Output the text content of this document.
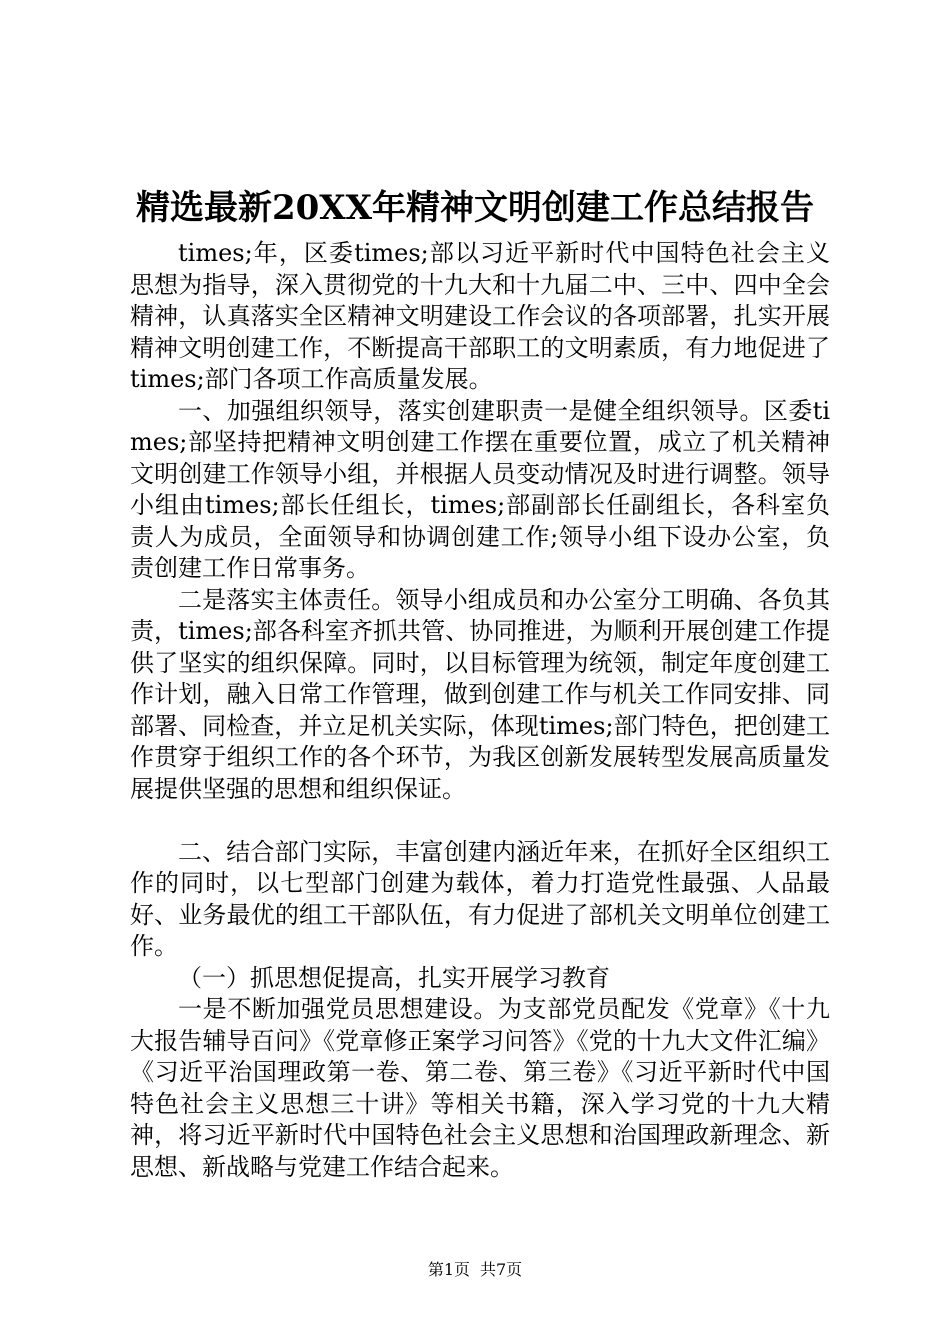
精选最新20XX年精神文明创建工作总结报告

times;年，区委times;部以习近平新时代中国特色社会主义思想为指导，深入贯彻党的十九大和十九届二中、三中、四中全会精神，认真落实全区精神文明建设工作会议的各项部署，扎实开展精神文明创建工作，不断提高干部职工的文明素质，有力地促进了times;部门各项工作高质量发展。

一、加强组织领导，落实创建职责一是健全组织领导。区委times;部坚持把精神文明创建工作摆在重要位置，成立了机关精神文明创建工作领导小组，并根据人员变动情况及时进行调整。领导小组由times;部长任组长，times;部副部长任副组长，各科室负责人为成员，全面领导和协调创建工作;领导小组下设办公室，负责创建工作日常事务。

二是落实主体责任。领导小组成员和办公室分工明确、各负其责，times;部各科室齐抓共管、协同推进，为顺利开展创建工作提供了坚实的组织保障。同时，以目标管理为统领，制定年度创建工作计划，融入日常工作管理，做到创建工作与机关工作同安排、同部署、同检查，并立足机关实际，体现times;部门特色，把创建工作贯穿于组织工作的各个环节，为我区创新发展转型发展高质量发展提供坚强的思想和组织保证。

二、结合部门实际，丰富创建内涵近年来，在抓好全区组织工作的同时，以七型部门创建为载体，着力打造党性最强、人品最好、业务最优的组工干部队伍，有力促进了部机关文明单位创建工作。

（一）抓思想促提高，扎实开展学习教育

一是不断加强党员思想建设。为支部党员配发《党章》《十九大报告辅导百问》《党章修正案学习问答》《党的十九大文件汇编》《习近平治国理政第一卷、第二卷、第三卷》《习近平新时代中国特色社会主义思想三十讲》等相关书籍，深入学习党的十九大精神，将习近平新时代中国特色社会主义思想和治国理政新理念、新思想、新战略与党建工作结合起来。

第1页 共7页
